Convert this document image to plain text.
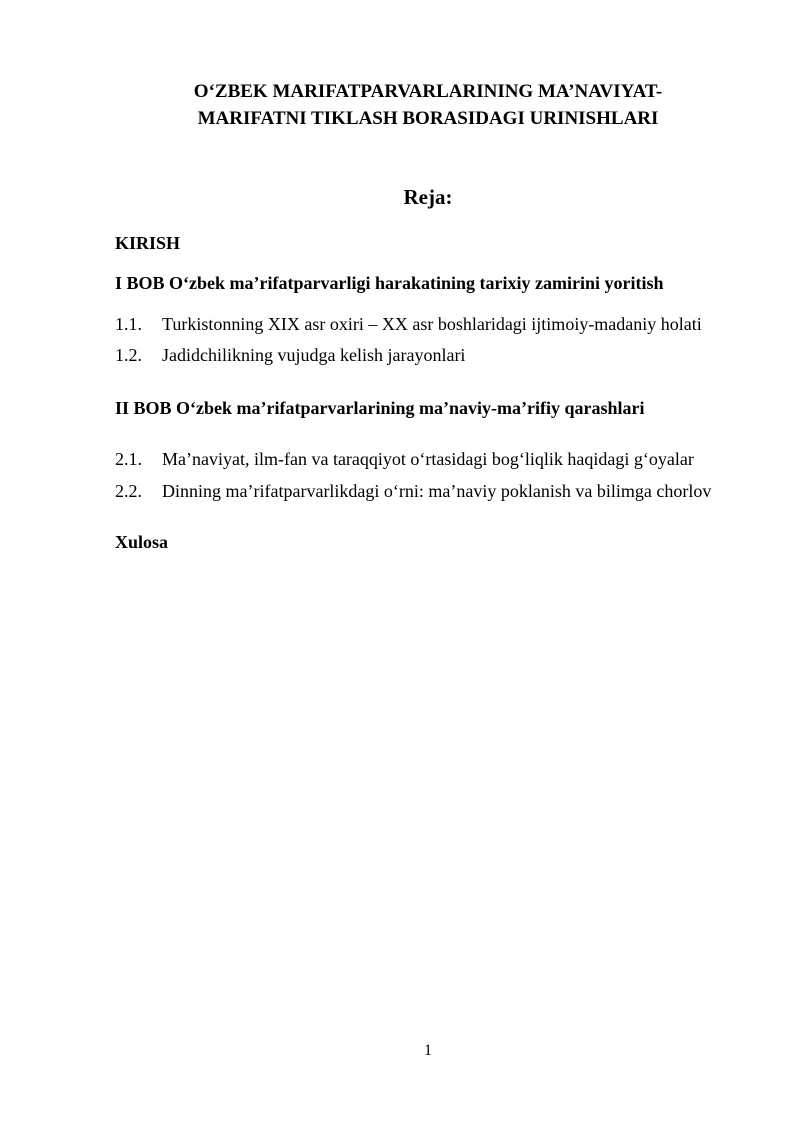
O‘ZBEK MARIFATPARVARLARINING MA’NAVIYAT-
MARIFATNI TIKLASH BORASIDAGI URINISHLARI
Reja:
KIRISH
I BOB O‘zbek ma’rifatparvarligi harakatining tarixiy zamirini yoritish
1.1. Turkistonning XIX asr oxiri – XX asr boshlaridagi ijtimoiy-madaniy holati
1.2. Jadidchilikning vujudga kelish jarayonlari
II BOB O‘zbek ma’rifatparvarlarining ma’naviy-ma’rifiy qarashlari
2.1. Ma’naviyat, ilm-fan va taraqqiyot o‘rtasidagi bog‘liqlik haqidagi g‘oyalar
2.2. Dinning ma’rifatparvarlikdagi o‘rni: ma’naviy poklanish va bilimga chorlov
Xulosa
1
